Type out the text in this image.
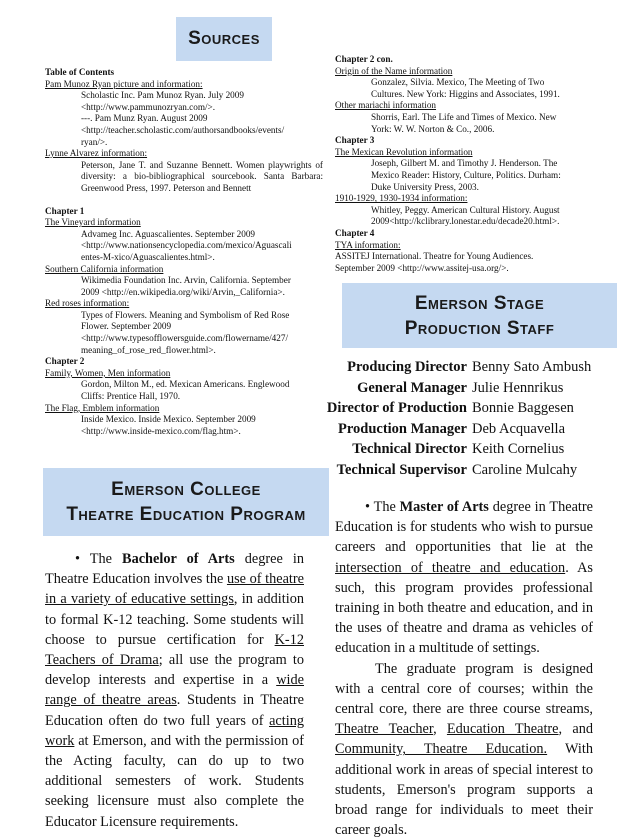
Sources
Emerson Stage
Production Staff
Emerson College
Theatre Education Program
Table of Contents
Pam Munoz Ryan picture and information:
Scholastic Inc. Pam Munoz Ryan. July 2009
<http://www.pammunozryan.com/>.
---. Pam Munz Ryan. August 2009
<http://teacher.scholastic.com/authorsandbooks/events/
ryan/>.
Lynne Alvarez information:
Peterson, Jane T. and Suzanne Bennett. Women playwrights of diversity: a bio-bibliographical sourcebook. Santa Barbara: Greenwood Press, 1997. Peterson and Bennett
Chapter 1
The Vineyard information
Advameg Inc. Aguascalientes. September 2009
<http://www.nationsencyclopedia.com/mexico/Aguascali
entes-M-xico/Aguascalientes.html>.
Southern California information
Wikimedia Foundation Inc. Arvin, California. September
2009 <http://en.wikipedia.org/wiki/Arvin,_California>.
Red roses information:
Types of Flowers. Meaning and Symbolism of Red Rose
Flower. September 2009
<http://www.typesofflowersguide.com/flowername/427/
meaning_of_rose_red_flower.html>.
Chapter 2
Family, Women, Men information
Gordon, Milton M., ed. Mexican Americans. Englewood
Cliffs: Prentice Hall, 1970.
The Flag, Emblem information
Inside Mexico. Inside Mexico. September 2009
<http://www.inside-mexico.com/flag.htm>.
Chapter 2 con.
Origin of the Name information
Gonzalez, Silvia. Mexico, The Meeting of Two
Cultures. New York: Higgins and Associates, 1991.
Other mariachi information
Shorris, Earl. The Life and Times of Mexico. New
York: W. W. Norton & Co., 2006.
Chapter 3
The Mexican Revolution information
Joseph, Gilbert M. and Timothy J. Henderson. The
Mexico Reader: History, Culture, Politics. Durham:
Duke University Press, 2003.
1910-1929, 1930-1934 information:
Whitley, Peggy. American Cultural History. August
2009<http://kclibrary.lonestar.edu/decade20.html>.
Chapter 4
TYA information:
ASSITEJ International. Theatre for Young Audiences.
September 2009 <http://www.assitej-usa.org/>.
Producing Director Benny Sato Ambush
General Manager Julie Hennrikus
Director of Production Bonnie Baggesen
Production Manager Deb Acquavella
Technical Director Keith Cornelius
Technical Supervisor Caroline Mulcahy

• The Bachelor of Arts degree in Theatre Education involves the use of theatre in a variety of educative settings, in addition to formal K-12 teaching. Some students will choose to pursue certification for K-12 Teachers of Drama; all use the program to develop interests and expertise in a wide range of theatre areas. Students in Theatre Education often do two full years of acting work at Emerson, and with the permission of the Acting faculty, can do up to two additional semesters of work. Students seeking licensure must also complete the Educator Licensure requirements.

• The Master of Arts degree in Theatre Education is for students who wish to pursue careers and opportunities that lie at the intersection of theatre and education. As such, this program provides professional training in both theatre and education, and in the uses of theatre and drama as vehicles of education in a multitude of settings.

The graduate program is designed with a central core of courses; within the central core, there are three course streams, Theatre Teacher, Education Theatre, and Community, Theatre Education. With additional work in areas of special interest to students, Emerson's program supports a broad range for individuals to meet their career goals.
